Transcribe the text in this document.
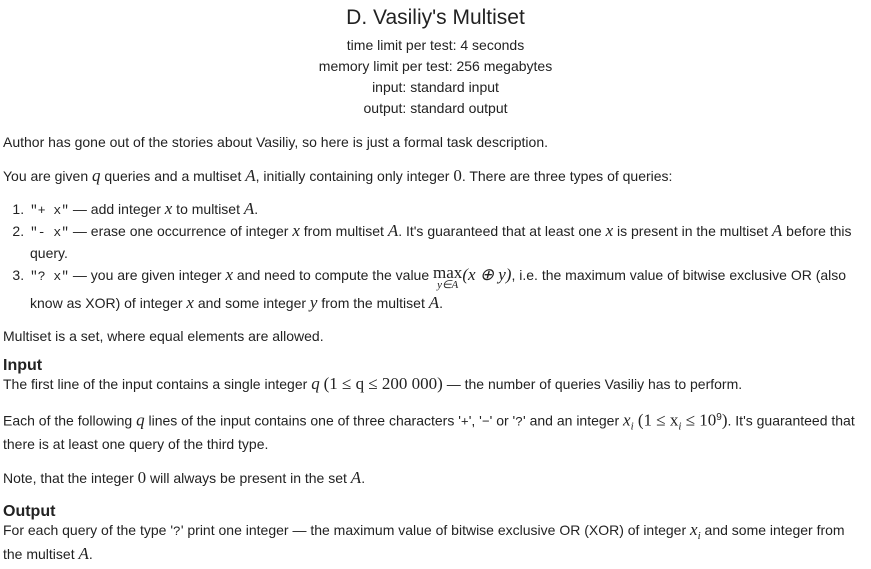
D. Vasiliy's Multiset
time limit per test: 4 seconds
memory limit per test: 256 megabytes
input: standard input
output: standard output

Author has gone out of the stories about Vasiliy, so here is just a formal task description.

You are given q queries and a multiset A, initially containing only integer 0. There are three types of queries:

1. "+ x" — add integer x to multiset A.
2. "- x" — erase one occurrence of integer x from multiset A. It's guaranteed that at least one x is present in the multiset A before this query.
3. "? x" — you are given integer x and need to compute the value max
y∈A
(x ⊕ y), i.e. the maximum value of bitwise exclusive OR (also know as XOR) of integer x and some integer y from the multiset A.

Multiset is a set, where equal elements are allowed.

Input

The first line of the input contains a single integer q (1 ≤ q ≤ 200 000) — the number of queries Vasiliy has to perform.

Each of the following q lines of the input contains one of three characters '+', '−' or '?' and an integer $x_i$ $(1 \le x_i \le 10^9)$. It's guaranteed that there is at least one query of the third type.

Note, that the integer 0 will always be present in the set A.

Output

For each query of the type '?' print one integer — the maximum value of bitwise exclusive OR (XOR) of integer $x_i$ and some integer from the multiset A.
